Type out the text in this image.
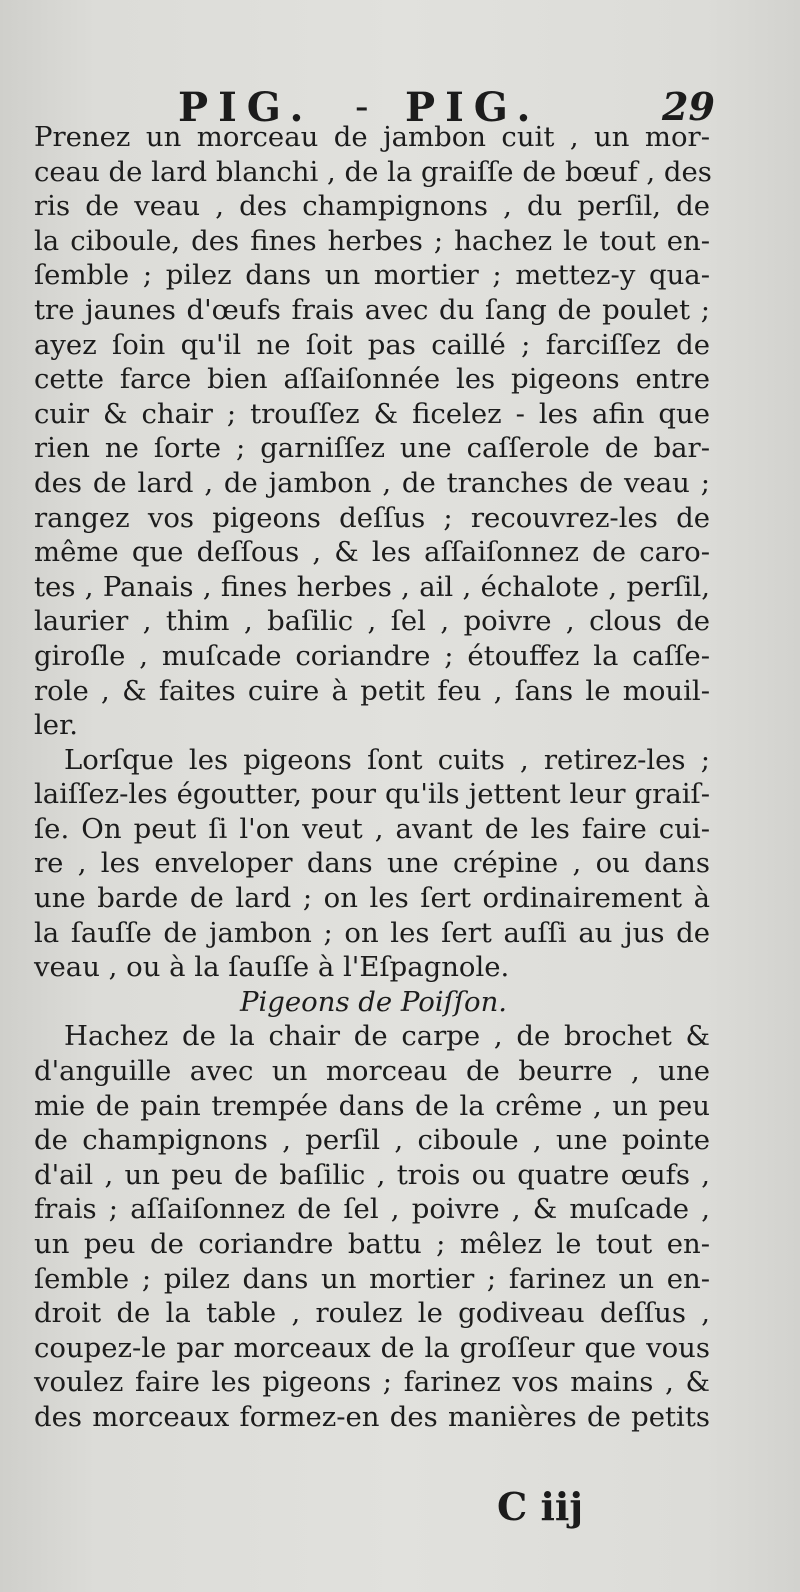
PIG. - PIG.	29
Prenez un morceau de jambon cuit , un mor-
ceau de lard blanchi , de la graiſſe de bœuf , des
ris de veau , des champignons , du perſil, de
la ciboule, des fines herbes ; hachez le tout en-
ſemble ; pilez dans un mortier ; mettez-y qua-
tre jaunes d'œufs frais avec du ſang de poulet ;
ayez ſoin qu'il ne ſoit pas caillé ; farciſſez de
cette farce bien aſſaiſonnée les pigeons entre
cuir & chair ; trouſſez & ficelez - les afin que
rien ne ſorte ; garniſſez une caſſerole de bar-
des de lard , de jambon , de tranches de veau ;
rangez vos pigeons deſſus ; recouvrez-les de
même que deſſous , & les aſſaiſonnez de caro-
tes , Panais , fines herbes , ail , échalote , perſil,
laurier , thim , baſilic , ſel , poivre , clous de
giroſle , muſcade coriandre ; étouffez la caſſe-
role , & faites cuire à petit feu , ſans le mouil-
ler.
Lorſque les pigeons ſont cuits , retirez-les ;
laiſſez-les égoutter, pour qu'ils jettent leur graiſ-
ſe. On peut ſi l'on veut , avant de les faire cui-
re , les enveloper dans une crépine , ou dans
une barde de lard ; on les ſert ordinairement à
la ſauſſe de jambon ; on les ſert auſſi au jus de
veau , ou à la ſauſſe à l'Eſpagnole.
Pigeons de Poiſſon.
Hachez de la chair de carpe , de brochet &
d'anguille avec un morceau de beurre , une
mie de pain trempée dans de la crême , un peu
de champignons , perſil , ciboule , une pointe
d'ail , un peu de baſilic , trois ou quatre œufs ,
frais ; aſſaiſonnez de ſel , poivre , & muſcade ,
un peu de coriandre battu ; mêlez le tout en-
ſemble ; pilez dans un mortier ; farinez un en-
droit de la table , roulez le godiveau deſſus ,
coupez-le par morceaux de la groſſeur que vous
voulez faire les pigeons ; farinez vos mains , &
des morceaux formez-en des manières de petits
C iij
